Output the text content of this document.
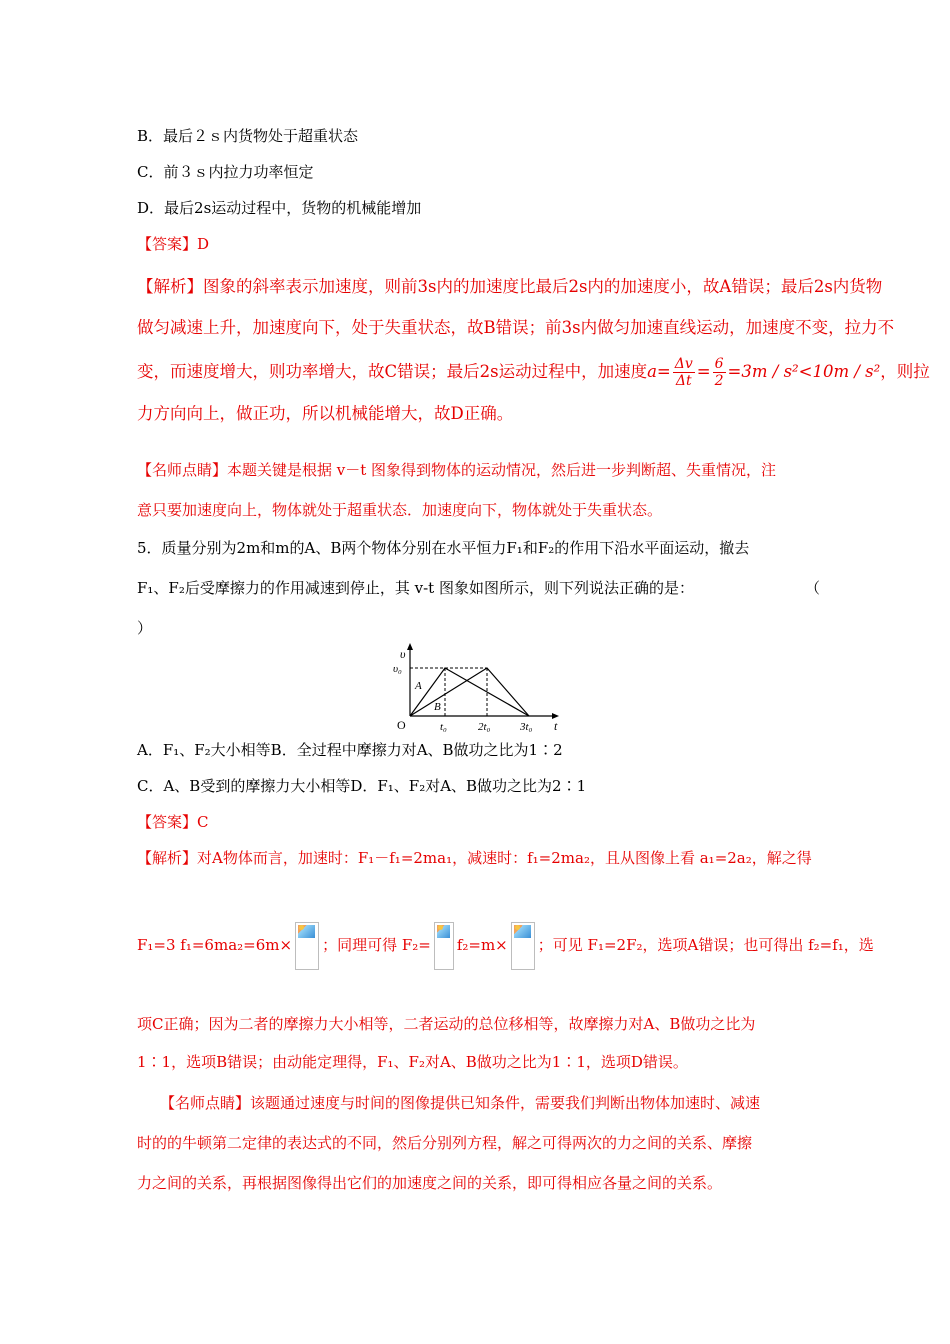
B．最后２ｓ内货物处于超重状态
C．前３ｓ内拉力功率恒定
D．最后2s运动过程中，货物的机械能增加
【答案】D
【解析】图象的斜率表示加速度，则前3s内的加速度比最后2s内的加速度小，故A错误；最后2s内货物
做匀减速上升，加速度向下，处于失重状态，故B错误；前3s内做匀加速直线运动，加速度不变，拉力不
变，而速度增大，则功率增大，故C错误；最后2s运动过程中，加速度$a= \frac{\Delta v}{\Delta t} = \frac{6}{2} =3m / s^2<10m / s^2$，则拉
力方向向上，做正功，所以机械能增大，故D正确。
【名师点睛】本题关键是根据 v－t 图象得到物体的运动情况，然后进一步判断超、失重情况，注
意只要加速度向上，物体就处于超重状态．加速度向下，物体就处于失重状态。
5．质量分别为2m和m的A、B两个物体分别在水平恒力F₁和F₂的作用下沿水平面运动，撤去
F₁、F₂后受摩擦力的作用减速到停止，其 v-t 图象如图所示，则下列说法正确的是：	（
）
υ
υ₀
O	t
t₀	2t₀	3t₀
A
B
A．F₁、F₂大小相等B．全过程中摩擦力对A、B做功之比为1∶2
C．A、B受到的摩擦力大小相等D．F₁、F₂对A、B做功之比为2∶1
【答案】C
【解析】对A物体而言，加速时：F₁－f₁=2ma₁，减速时：f₁=2ma₂，且从图像上看 a₁=2a₂，解之得
F₁=3 f₁=6ma₂=6m× ；同理可得 F₂= f₂=m× ；可见 F₁=2F₂，选项A错误；也可得出 f₂=f₁，选
项C正确；因为二者的摩擦力大小相等，二者运动的总位移相等，故摩擦力对A、B做功之比为
1∶1，选项B错误；由动能定理得，F₁、F₂对A、B做功之比为1∶1，选项D错误。
【名师点睛】该题通过速度与时间的图像提供已知条件，需要我们判断出物体加速时、减速
时的的牛顿第二定律的表达式的不同，然后分别列方程，解之可得两次的力之间的关系、摩擦
力之间的关系，再根据图像得出它们的加速度之间的关系，即可得相应各量之间的关系。
